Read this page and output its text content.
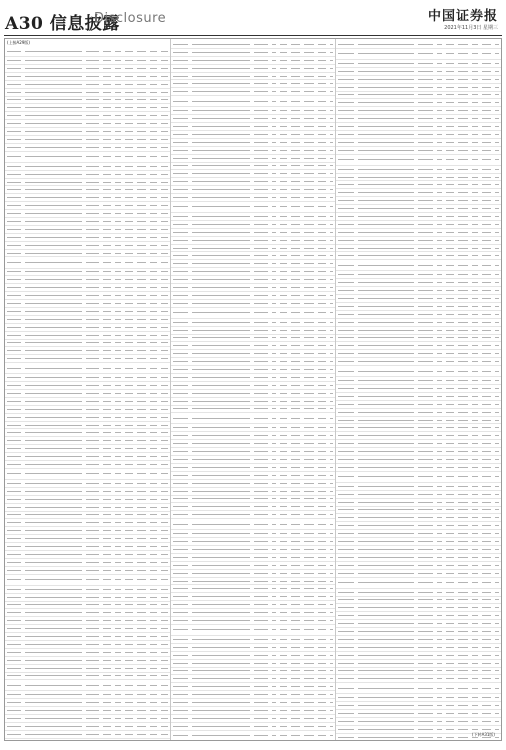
A30 信息披露
Disclosure	中国证券报
2021年11月3日 星期三
(上接A29版)
(下转A31版)
